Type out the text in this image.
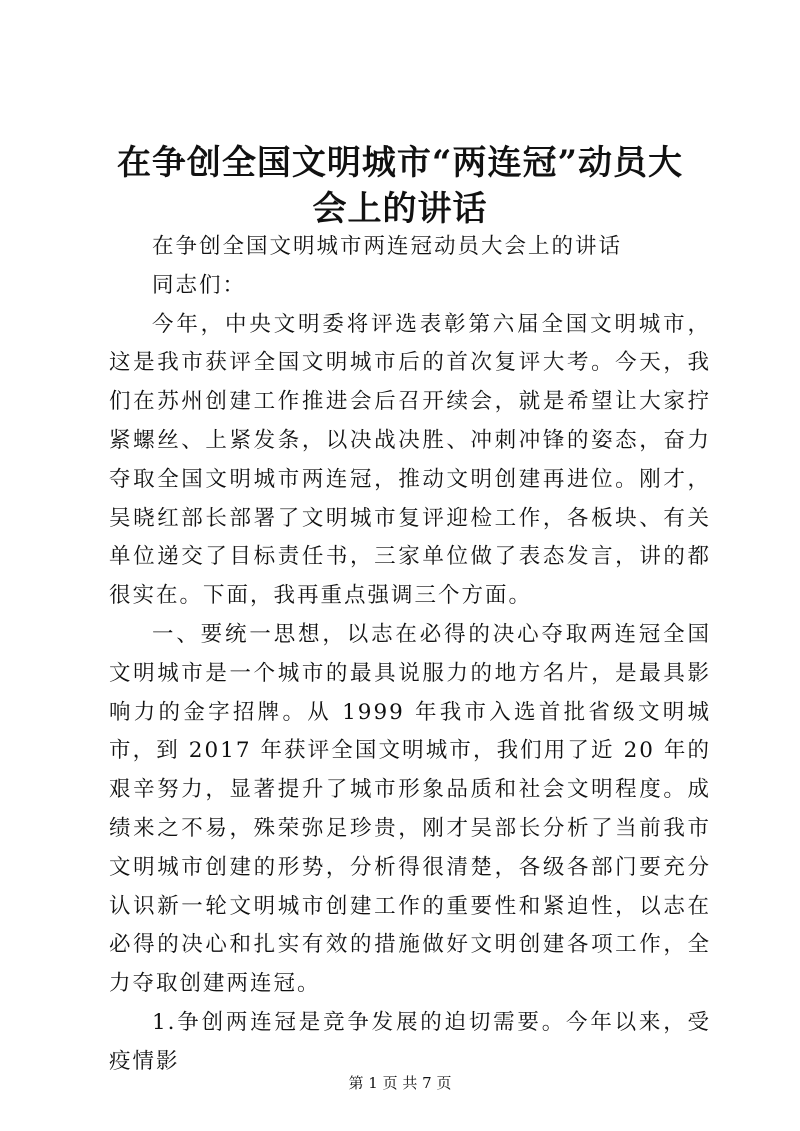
在争创全国文明城市“两连冠”动员大会上的讲话

在争创全国文明城市两连冠动员大会上的讲话

同志们：

今年，中央文明委将评选表彰第六届全国文明城市，这是我市获评全国文明城市后的首次复评大考。今天，我们在苏州创建工作推进会后召开续会，就是希望让大家拧紧螺丝、上紧发条，以决战决胜、冲刺冲锋的姿态，奋力夺取全国文明城市两连冠，推动文明创建再进位。刚才，吴晓红部长部署了文明城市复评迎检工作，各板块、有关单位递交了目标责任书，三家单位做了表态发言，讲的都很实在。下面，我再重点强调三个方面。

一、要统一思想，以志在必得的决心夺取两连冠全国文明城市是一个城市的最具说服力的地方名片，是最具影响力的金字招牌。从 1999 年我市入选首批省级文明城市，到 2017 年获评全国文明城市，我们用了近 20 年的艰辛努力，显著提升了城市形象品质和社会文明程度。成绩来之不易，殊荣弥足珍贵，刚才吴部长分析了当前我市文明城市创建的形势，分析得很清楚，各级各部门要充分认识新一轮文明城市创建工作的重要性和紧迫性，以志在必得的决心和扎实有效的措施做好文明创建各项工作，全力夺取创建两连冠。

1.争创两连冠是竞争发展的迫切需要。今年以来，受疫情影

第 1 页 共 7 页
